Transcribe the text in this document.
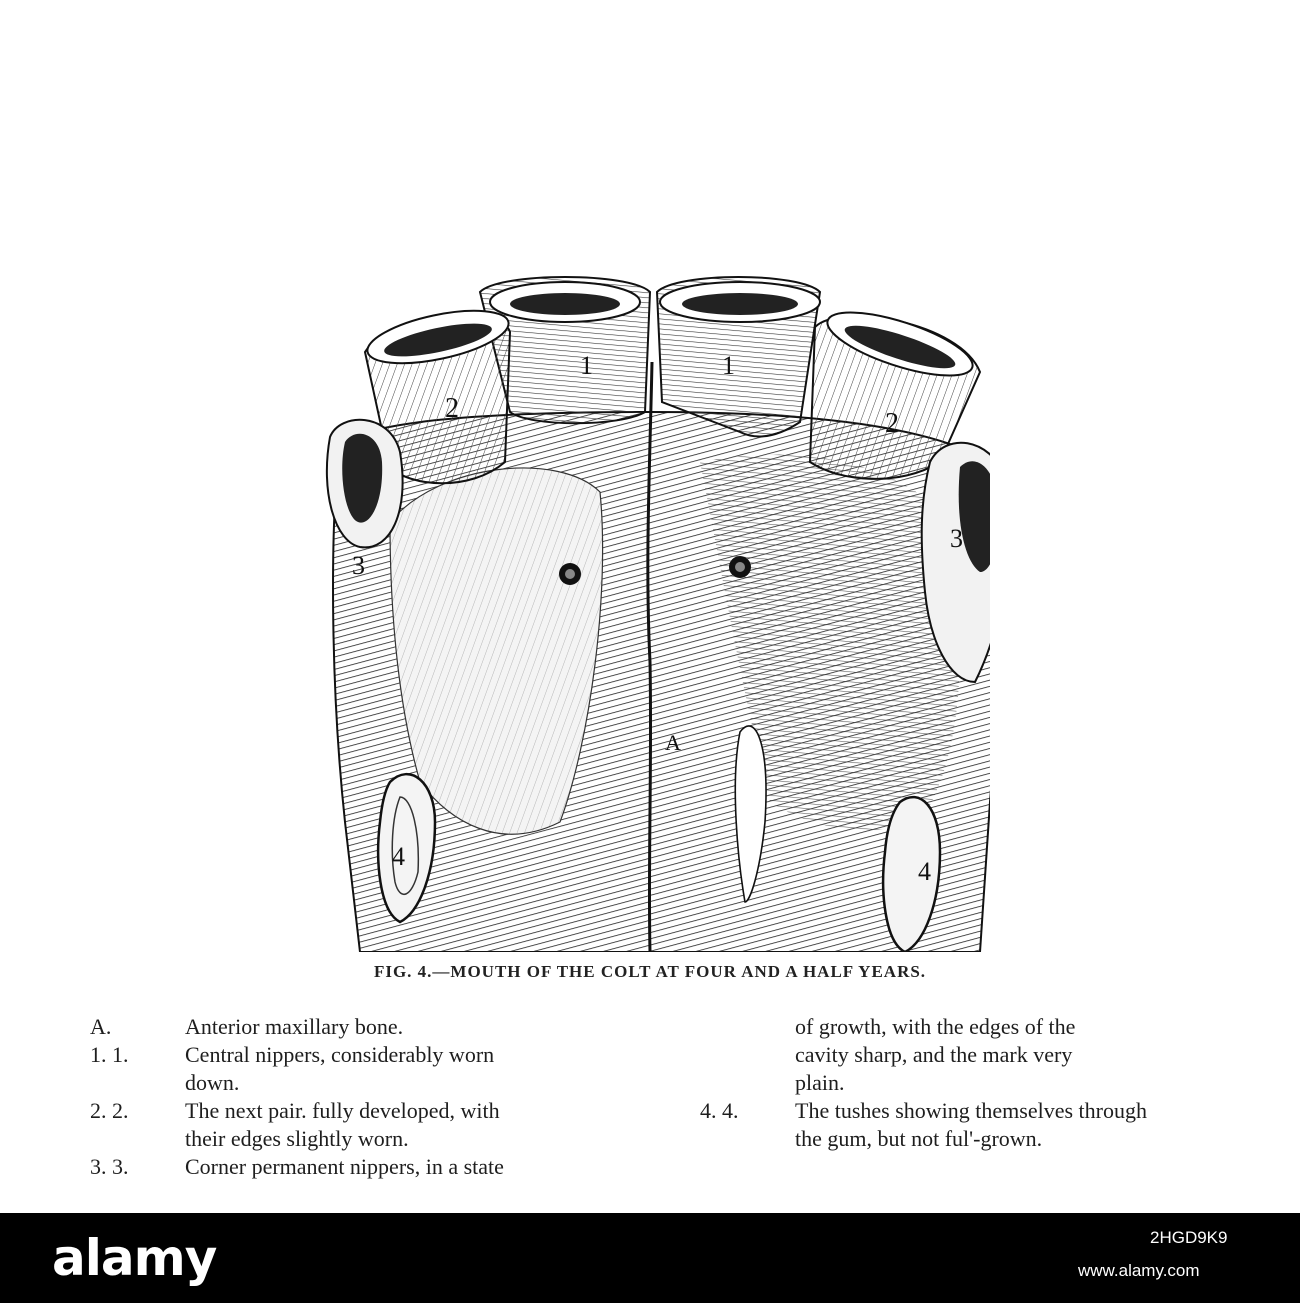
1	1
2	2
3
3
4
4
A
FIG. 4.—MOUTH OF THE COLT AT FOUR AND A HALF YEARS.
A.	Anterior maxillary bone.
1. 1.	Central nippers, considerably worn
down.
2. 2.	The next pair. fully developed, with
their edges slightly worn.
3. 3.	Corner permanent nippers, in a state
of growth, with the edges of the
cavity sharp, and the mark very
plain.
4. 4.	The tushes showing themselves through
the gum, but not ful'-grown.
alamy	2HGD9K9
www.alamy.com
